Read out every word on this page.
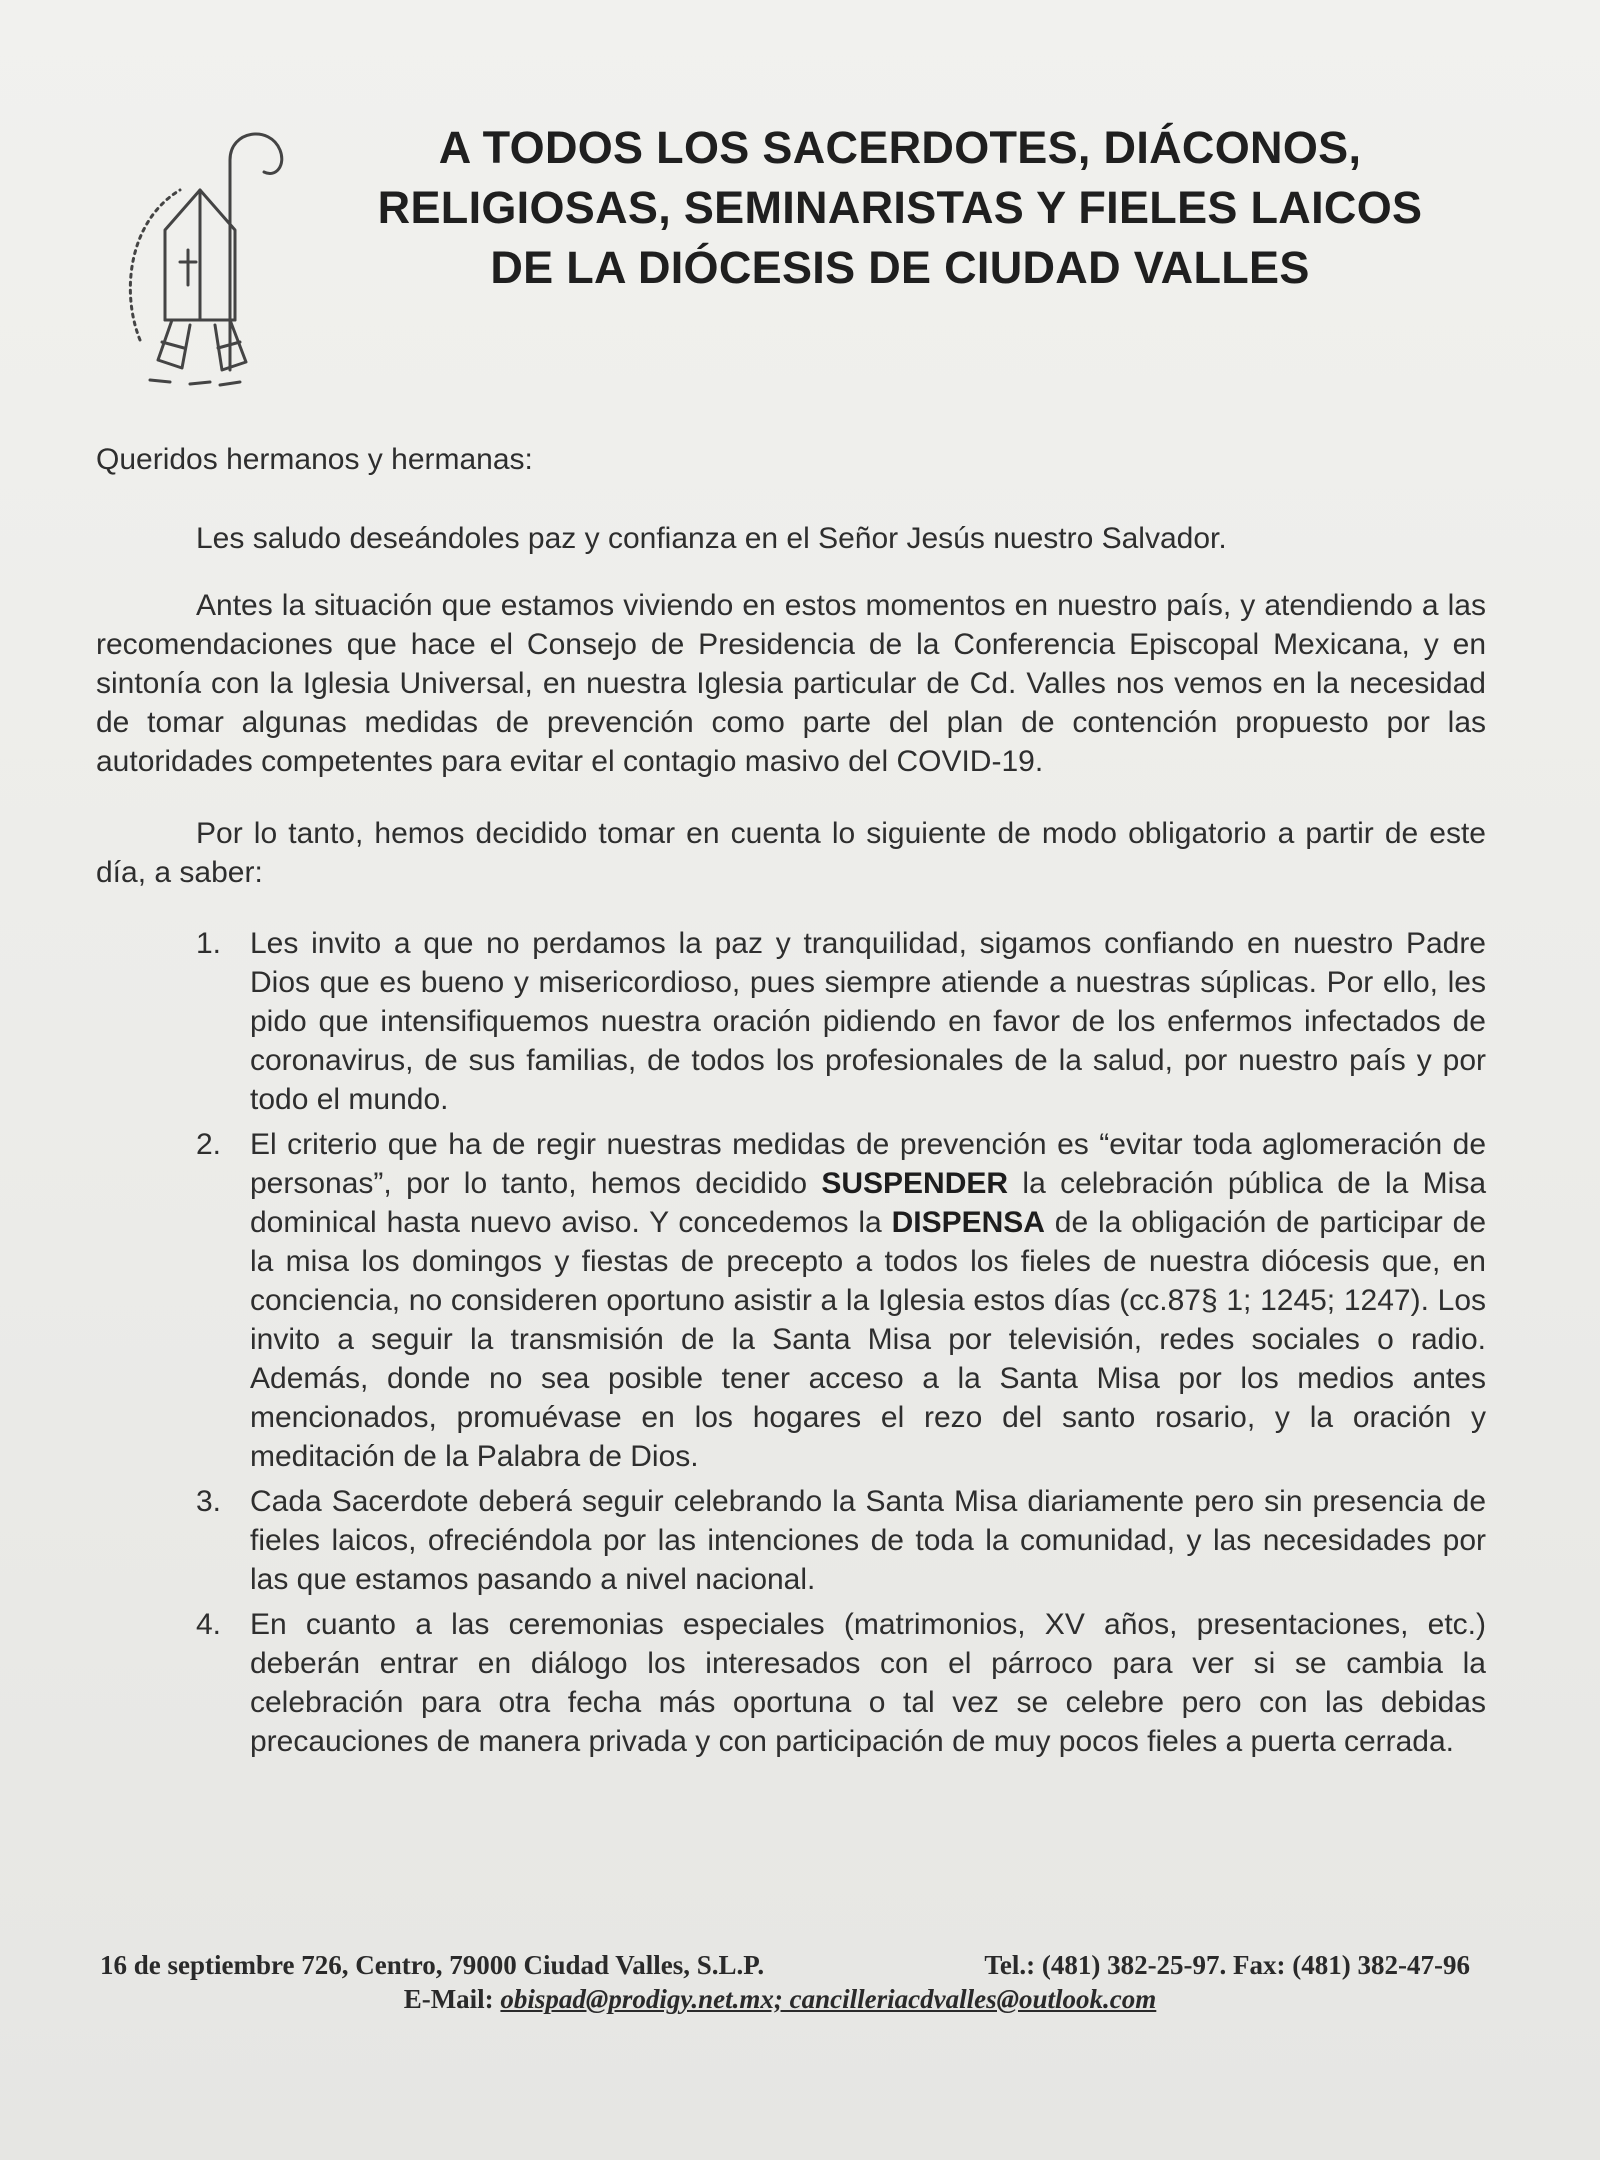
A TODOS LOS SACERDOTES, DIÁCONOS,
RELIGIOSAS, SEMINARISTAS Y FIELES LAICOS
DE LA DIÓCESIS DE CIUDAD VALLES

Queridos hermanos y hermanas:

Les saludo deseándoles paz y confianza en el Señor Jesús nuestro Salvador.

Antes la situación que estamos viviendo en estos momentos en nuestro país, y atendiendo a las recomendaciones que hace el Consejo de Presidencia de la Conferencia Episcopal Mexicana, y en sintonía con la Iglesia Universal, en nuestra Iglesia particular de Cd. Valles nos vemos en la necesidad de tomar algunas medidas de prevención como parte del plan de contención propuesto por las autoridades competentes para evitar el contagio masivo del COVID-19.

Por lo tanto, hemos decidido tomar en cuenta lo siguiente de modo obligatorio a partir de este día, a saber:

1. Les invito a que no perdamos la paz y tranquilidad, sigamos confiando en nuestro Padre Dios que es bueno y misericordioso, pues siempre atiende a nuestras súplicas. Por ello, les pido que intensifiquemos nuestra oración pidiendo en favor de los enfermos infectados de coronavirus, de sus familias, de todos los profesionales de la salud, por nuestro país y por todo el mundo.
2. El criterio que ha de regir nuestras medidas de prevención es “evitar toda aglomeración de personas”, por lo tanto, hemos decidido SUSPENDER la celebración pública de la Misa dominical hasta nuevo aviso. Y concedemos la DISPENSA de la obligación de participar de la misa los domingos y fiestas de precepto a todos los fieles de nuestra diócesis que, en conciencia, no consideren oportuno asistir a la Iglesia estos días (cc.87§ 1; 1245; 1247). Los invito a seguir la transmisión de la Santa Misa por televisión, redes sociales o radio. Además, donde no sea posible tener acceso a la Santa Misa por los medios antes mencionados, promuévase en los hogares el rezo del santo rosario, y la oración y meditación de la Palabra de Dios.
3. Cada Sacerdote deberá seguir celebrando la Santa Misa diariamente pero sin presencia de fieles laicos, ofreciéndola por las intenciones de toda la comunidad, y las necesidades por las que estamos pasando a nivel nacional.
4. En cuanto a las ceremonias especiales (matrimonios, XV años, presentaciones, etc.) deberán entrar en diálogo los interesados con el párroco para ver si se cambia la celebración para otra fecha más oportuna o tal vez se celebre pero con las debidas precauciones de manera privada y con participación de muy pocos fieles a puerta cerrada.
16 de septiembre 726, Centro, 79000 Ciudad Valles, S.L.P.	Tel.: (481) 382-25-97. Fax: (481) 382-47-96
E-Mail: obispad@prodigy.net.mx; cancilleriacdvalles@outlook.com
